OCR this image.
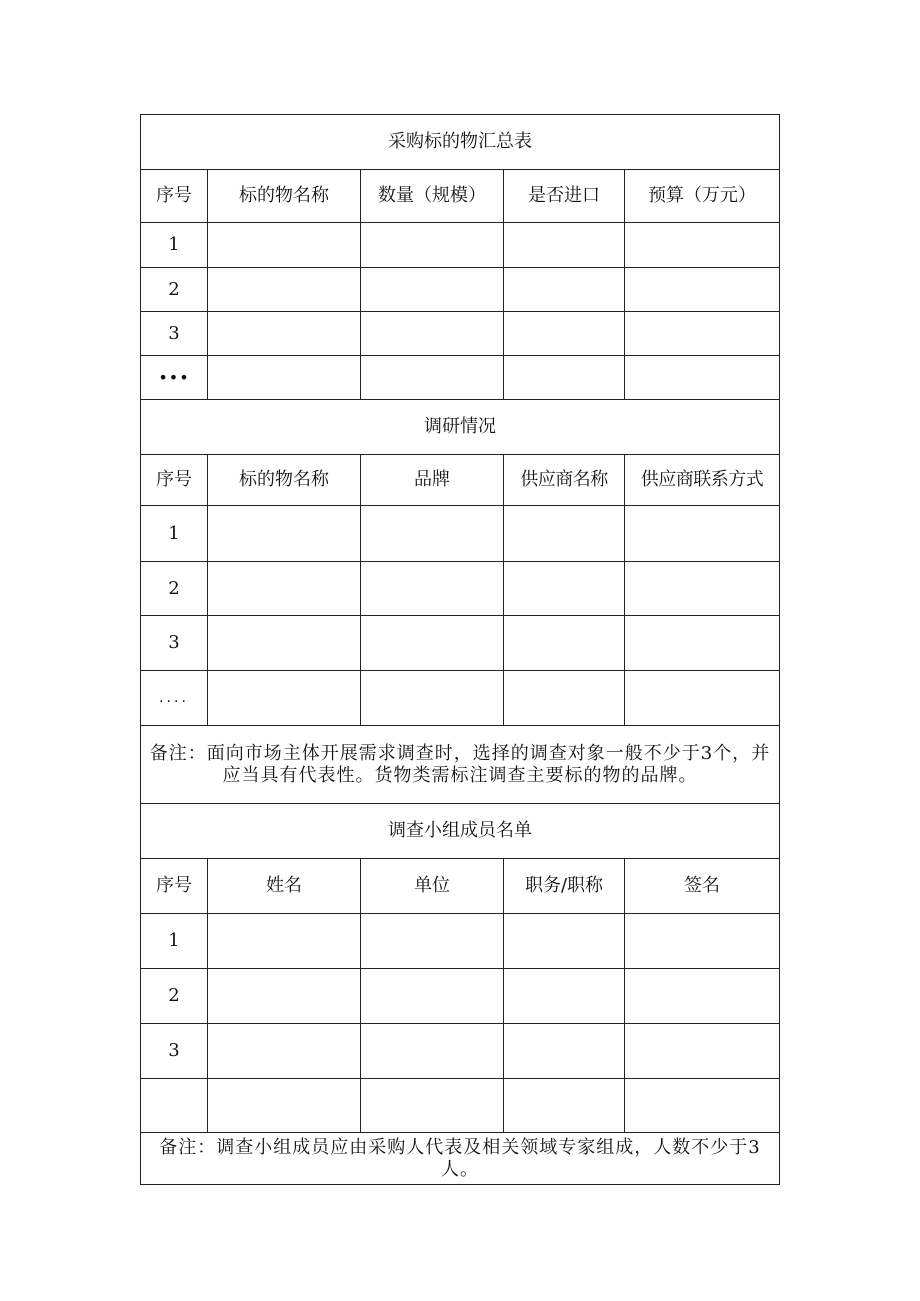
采购标的物汇总表				
序号	标的物名称	数量（规模）	是否进口	预算（万元）
1				
2				
3				
•••				
调研情况				
序号	标的物名称	品牌	供应商名称	供应商联系方式
1				
2				
3				
....				
备注：面向市场主体开展需求调查时，选择的调查对象一般不少于3个，并应当具有代表性。货物类需标注调查主要标的物的品牌。				
调查小组成员名单				
序号	姓名	单位	职务/职称	签名
1				
2				
3				

备注：调查小组成员应由采购人代表及相关领域专家组成，人数不少于3人。				
